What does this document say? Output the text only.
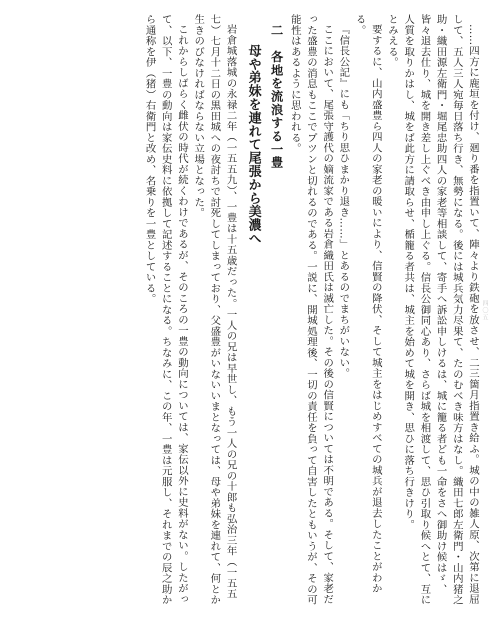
……四方に鹿垣を付け、廻り番を指置いて、陣々より鉄砲を放させ、二三箇月指置き給ふ。城の中の雑人原、次第に退屈して、五人三人宛毎日落ち行き、無勢になる。後には城兵気力尽果て、たのむべき味方はなし。織田七郎左衛門・山内猪之助・織田源左衛門・堀尾忠助四人の家老等相談して、寄手へ訴訟申しけるは、城に籠る者ども一命をさへ御助け候はゞ、皆々退去仕り、城を開き差し上ぐべき由申し上ぐる。信長公御同心あり、さらば城を相渡して、思ひ引取り候へとて、互に人質を取りかはし、城をば此方に請取らせ、楯籠る者共は、城主を始めて城を開き、思ひに落ち行きけり。

とみえる。

要するに、山内盛豊ら四人の家老の暖いにより、信賢の降伏、そして城主をはじめすべての城兵が退去したことがわかる。

『信長公記』にも「ちり思ひまかり退き……」とあるのでまちがいない。

ここにおいて、尾張守護代の嫡流家である岩倉織田氏は滅亡した。その後の信賢については不明である。そして、家老だった盛豊の消息もここでプツンと切れるのである。一説に、開城処理後、一切の責任を負って自害したともいうが、その可能性はあるように思われる。

二　各地を流浪する一豊
母や弟妹を連れて尾張から美濃へ

岩倉城落城の永禄二年（一五五九）、一豊は十五歳だった。一人の兄は早世し、もう一人の兄の十郎も弘治三年（一五五七）七月十二日の黒田城への夜討ちで討死してしまっており、父盛豊がいないいまとなっては、母や弟妹を連れて、何とか生きのびなければならない立場となった。

これからしばらく雌伏の時代が続くわけであるが、そのころの一豊の動向については、家伝以外に史料がない。したがって、以下、一豊の動向は家伝史料に依拠して記述することになる。ちなみに、この年、一豊は元服し、それまでの辰之助から通称を伊（猪）右衛門と改め、名乗りを一豊としている。

四〇五
